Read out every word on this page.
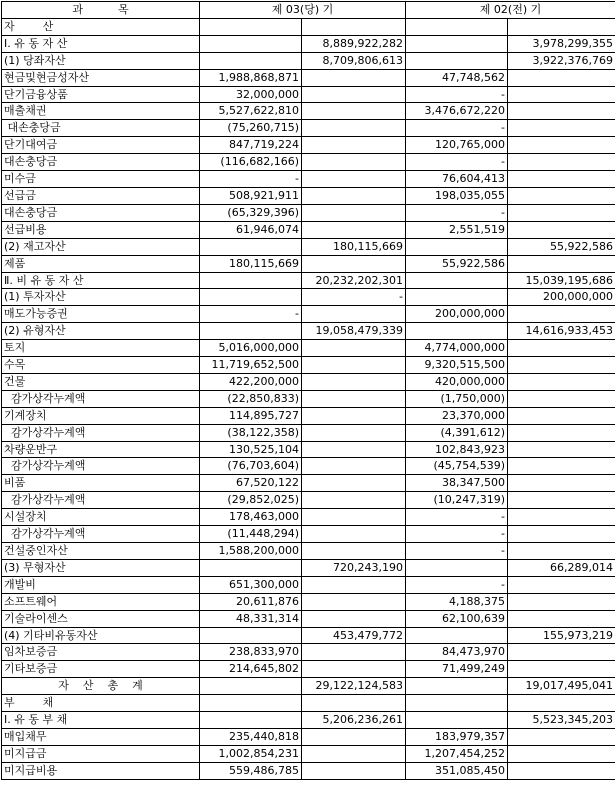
과          목	제 03(당) 기		제 02(전) 기	
자        산				
Ⅰ. 유 동 자 산		8,889,922,282		3,978,299,355
(1) 당좌자산		8,709,806,613		3,922,376,769
현금및현금성자산	1,988,868,871		47,748,562	
단기금융상품	32,000,000		-	
매출채권	5,527,622,810		3,476,672,220	
대손충당금	(75,260,715)		-	
단기대여금	847,719,224		120,765,000	
대손충당금	(116,682,166)		-	
미수금	-		76,604,413	
선급금	508,921,911		198,035,055	
대손충당금	(65,329,396)		-	
선급비용	61,946,074		2,551,519	
(2) 재고자산		180,115,669		55,922,586
제품	180,115,669		55,922,586	
Ⅱ. 비 유 동 자 산		20,232,202,301		15,039,195,686
(1) 투자자산		-		200,000,000
매도가능증권	-		200,000,000	
(2) 유형자산		19,058,479,339		14,616,933,453
토지	5,016,000,000		4,774,000,000	
수목	11,719,652,500		9,320,515,500	
건물	422,200,000		420,000,000	
감가상각누계액	(22,850,833)		(1,750,000)	
기계장치	114,895,727		23,370,000	
감가상각누계액	(38,122,358)		(4,391,612)	
차량운반구	130,525,104		102,843,923	
감가상각누계액	(76,703,604)		(45,754,539)	
비품	67,520,122		38,347,500	
감가상각누계액	(29,852,025)		(10,247,319)	
시설장치	178,463,000		-	
감가상각누계액	(11,448,294)		-	
건설중인자산	1,588,200,000		-	
(3) 무형자산		720,243,190		66,289,014
개발비	651,300,000		-	
소프트웨어	20,611,876		4,188,375	
기술라이센스	48,331,314		62,100,639	
(4) 기타비유동자산		453,479,772		155,973,219
임차보증금	238,833,970		84,473,970	
기타보증금	214,645,802		71,499,249	
자    산    총    계		29,122,124,583		19,017,495,041
부        채				
Ⅰ. 유 동 부 채		5,206,236,261		5,523,345,203
매입채무	235,440,818		183,979,357	
미지급금	1,002,854,231		1,207,454,252	
미지급비용	559,486,785		351,085,450	
